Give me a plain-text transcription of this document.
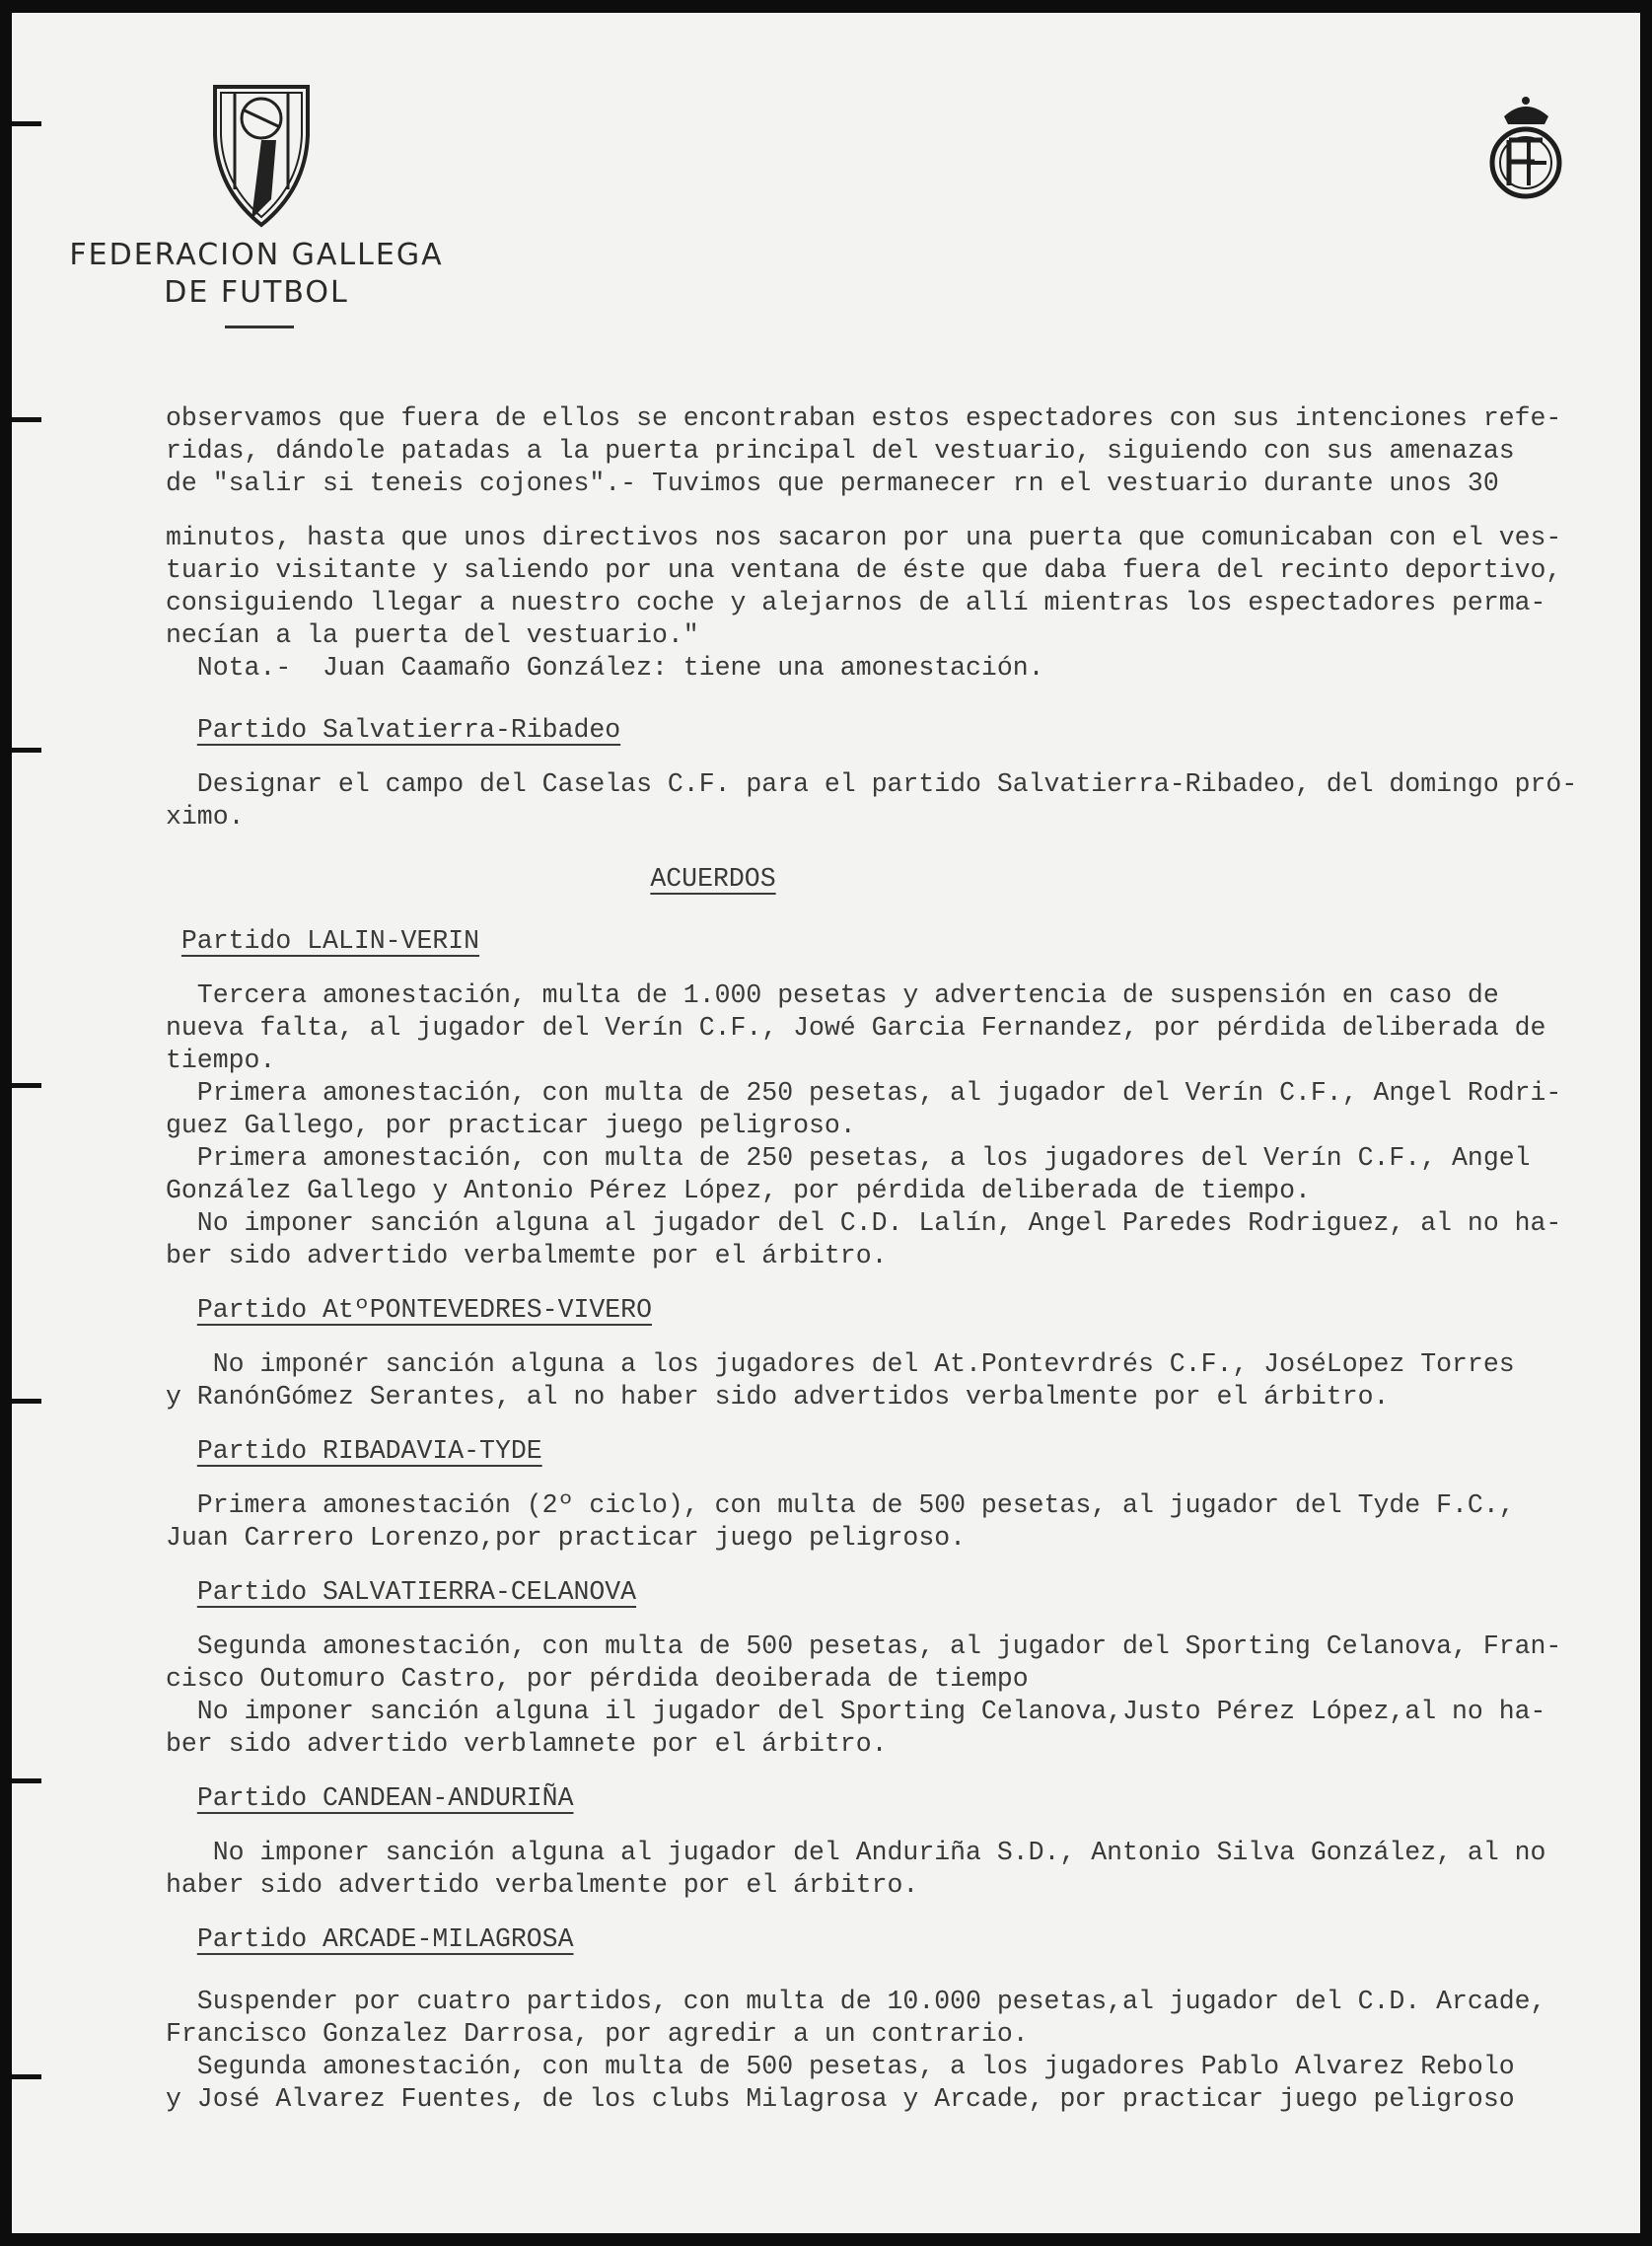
FEDERACION GALLEGA
DE FUTBOL

observamos que fuera de ellos se encontraban estos espectadores con sus intenciones refe-

ridas, dándole patadas a la puerta principal del vestuario, siguiendo con sus amenazas

de "salir si teneis cojones".- Tuvimos que permanecer rn el vestuario durante unos 30

minutos, hasta que unos directivos nos sacaron por una puerta que comunicaban con el ves-

tuario visitante y saliendo por una ventana de éste que daba fuera del recinto deportivo,

consiguiendo llegar a nuestro coche y alejarnos de allí mientras los espectadores perma-

necían a la puerta del vestuario."

Nota.-  Juan Caamaño González: tiene una amonestación.

Partido Salvatierra-Ribadeo

Designar el campo del Caselas C.F. para el partido Salvatierra-Ribadeo, del domingo pró-

ximo.

ACUERDOS

Partido LALIN-VERIN

Tercera amonestación, multa de 1.000 pesetas y advertencia de suspensión en caso de

nueva falta, al jugador del Verín C.F., Jowé Garcia Fernandez, por pérdida deliberada de

tiempo.

Primera amonestación, con multa de 250 pesetas, al jugador del Verín C.F., Angel Rodri-

guez Gallego, por practicar juego peligroso.

Primera amonestación, con multa de 250 pesetas, a los jugadores del Verín C.F., Angel

González Gallego y Antonio Pérez López, por pérdida deliberada de tiempo.

No imponer sanción alguna al jugador del C.D. Lalín, Angel Paredes Rodriguez, al no ha-

ber sido advertido verbalmemte por el árbitro.

Partido AtºPONTEVEDRES-VIVERO

No imponér sanción alguna a los jugadores del At.Pontevrdrés C.F., JoséLopez Torres

y RanónGómez Serantes, al no haber sido advertidos verbalmente por el árbitro.

Partido RIBADAVIA-TYDE

Primera amonestación (2º ciclo), con multa de 500 pesetas, al jugador del Tyde F.C.,

Juan Carrero Lorenzo,por practicar juego peligroso.

Partido SALVATIERRA-CELANOVA

Segunda amonestación, con multa de 500 pesetas, al jugador del Sporting Celanova, Fran-

cisco Outomuro Castro, por pérdida deoiberada de tiempo

No imponer sanción alguna il jugador del Sporting Celanova,Justo Pérez López,al no ha-

ber sido advertido verblamnete por el árbitro.

Partido CANDEAN-ANDURIÑA

No imponer sanción alguna al jugador del Anduriña S.D., Antonio Silva González, al no

haber sido advertido verbalmente por el árbitro.

Partido ARCADE-MILAGROSA

Suspender por cuatro partidos, con multa de 10.000 pesetas,al jugador del C.D. Arcade,

Francisco Gonzalez Darrosa, por agredir a un contrario.

Segunda amonestación, con multa de 500 pesetas, a los jugadores Pablo Alvarez Rebolo

y José Alvarez Fuentes, de los clubs Milagrosa y Arcade, por practicar juego peligroso
